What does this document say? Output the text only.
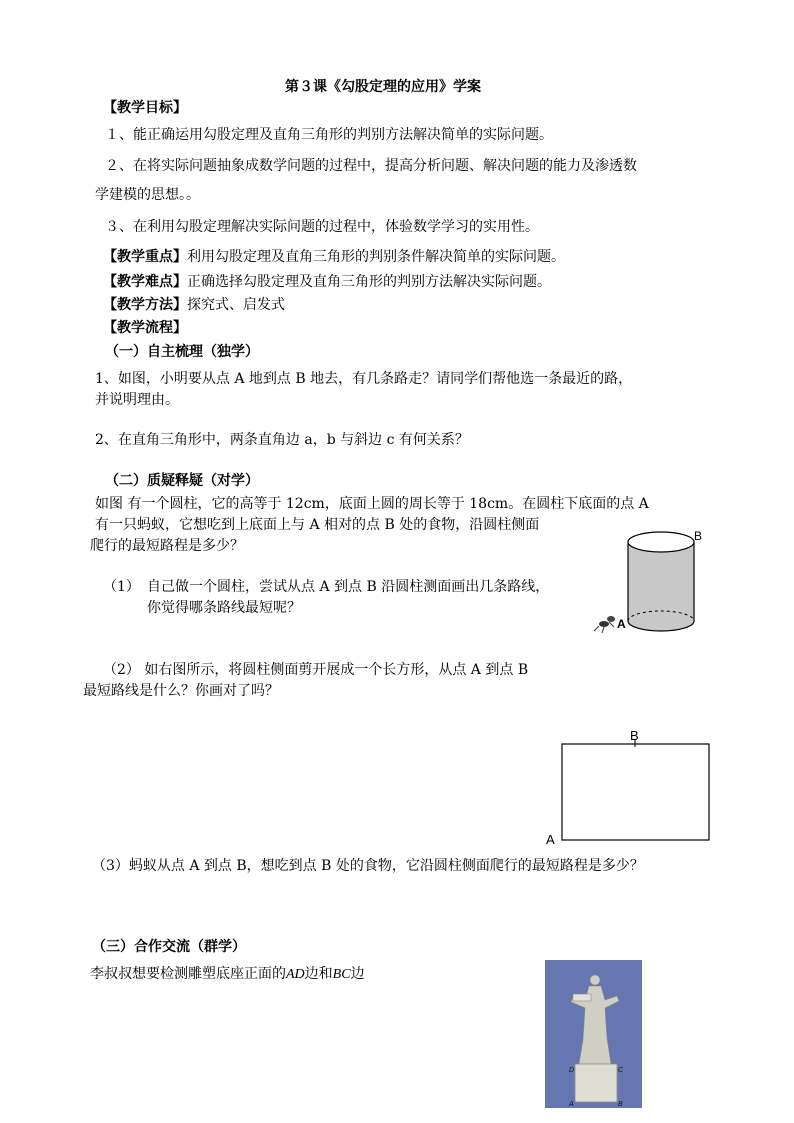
第３课《勾股定理的应用》学案
【教学目标】
１、能正确运用勾股定理及直角三角形的判别方法解决简单的实际问题。
２、在将实际问题抽象成数学问题的过程中，提高分析问题、解决问题的能力及渗透数
学建模的思想。。
３、在利用勾股定理解决实际问题的过程中，体验数学学习的实用性。
【教学重点】利用勾股定理及直角三角形的判别条件解决简单的实际问题。
【教学难点】正确选择勾股定理及直角三角形的判别方法解决实际问题。
【教学方法】探究式、启发式
【教学流程】
（一）自主梳理（独学）
1、如图，小明要从点 A 地到点 B 地去，有几条路走？请同学们帮他选一条最近的路，
并说明理由。
2、在直角三角形中，两条直角边 a，b 与斜边 c 有何关系？
（二）质疑释疑（对学）
如图 有一个圆柱，它的高等于 12cm，底面上圆的周长等于 18cm。在圆柱下底面的点 A
有一只蚂蚁，它想吃到上底面上与 A 相对的点 B 处的食物，沿圆柱侧面
爬行的最短路程是多少？
（1） 自己做一个圆柱，尝试从点 A 到点 B 沿圆柱测面画出几条路线，
你觉得哪条路线最短呢？
（2） 如右图所示，将圆柱侧面剪开展成一个长方形，从点 A 到点 B
最短路线是什么？你画对了吗？
（3）蚂蚁从点 A 到点 B，想吃到点 B 处的食物，它沿圆柱侧面爬行的最短路程是多少？
A
B
B
A
（三）合作交流（群学）
李叔叔想要检测雕塑底座正面的AD边和BC边
D	C
A	B
